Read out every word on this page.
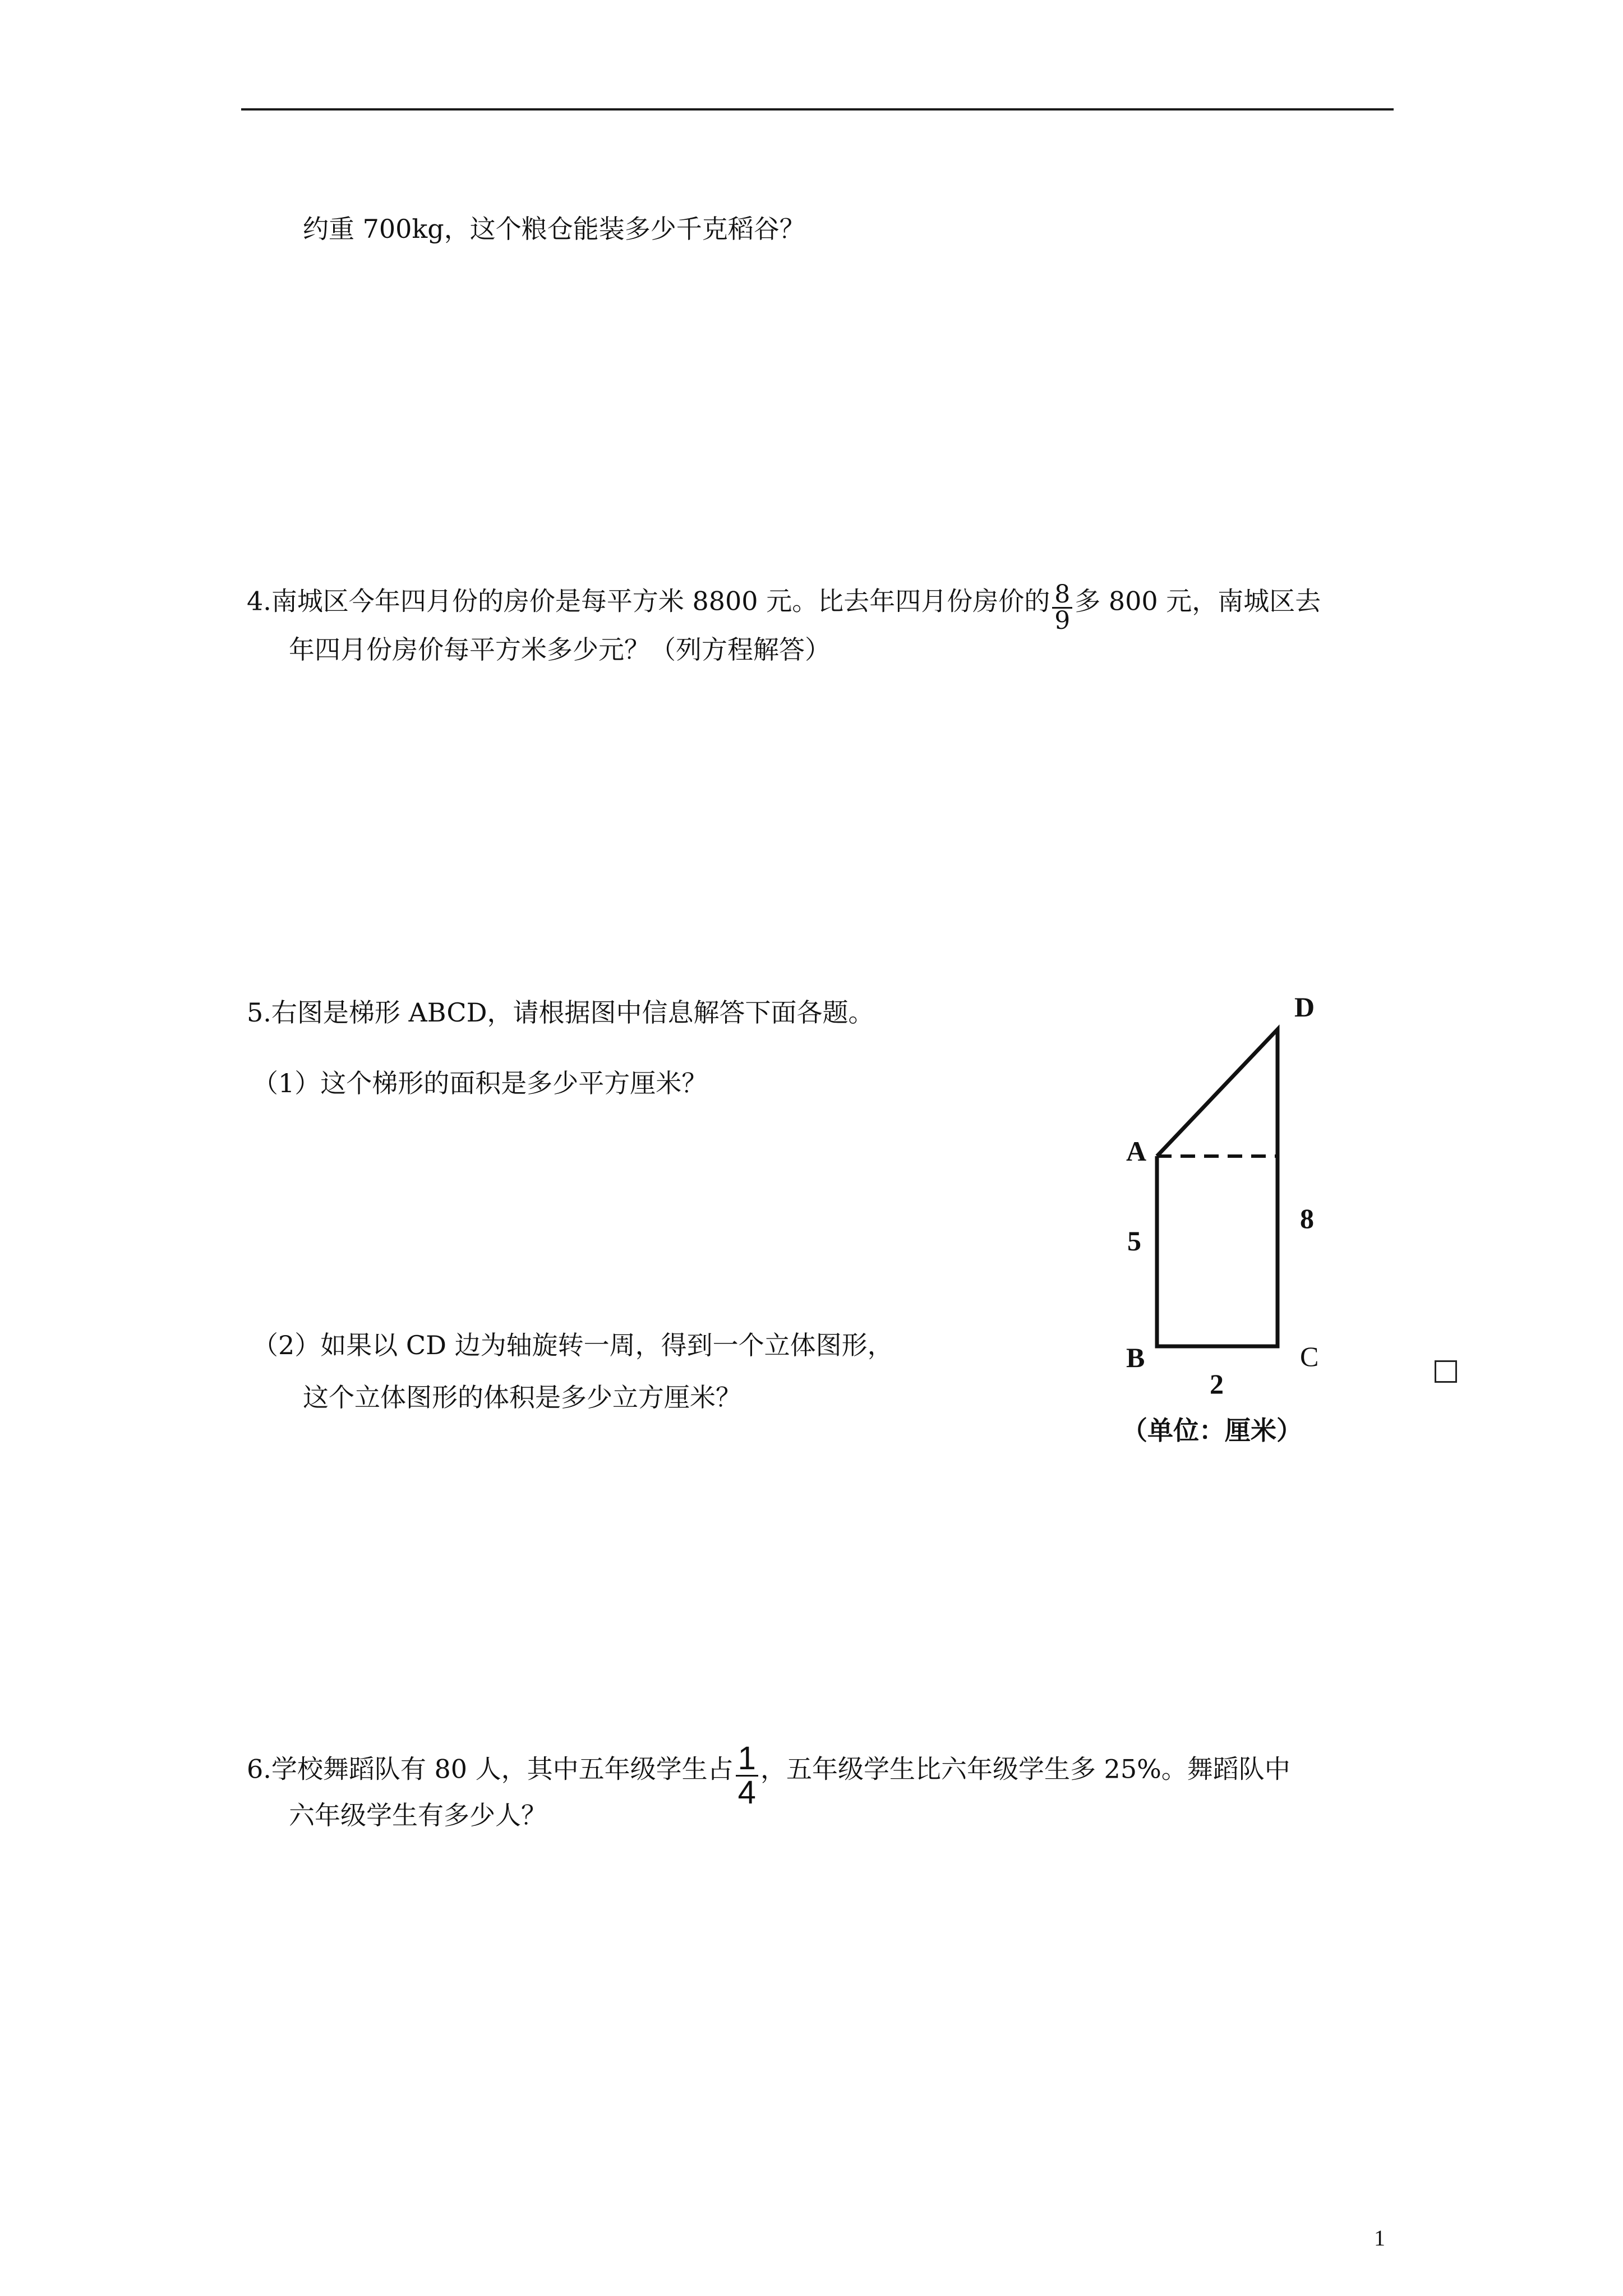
约重 700kg，这个粮仓能装多少千克稻谷？
4.南城区今年四月份的房价是每平方米 8800 元。比去年四月份房价的 $\frac{8}{9}$ 多 800 元，南城区去
年四月份房价每平方米多少元？（列方程解答）
5.右图是梯形 ABCD，请根据图中信息解答下面各题。
（1）这个梯形的面积是多少平方厘米？
（2）如果以 CD 边为轴旋转一周，得到一个立体图形，
这个立体图形的体积是多少立方厘米？
D
A
B	C
5
8
2
（单位：厘米）
6.学校舞蹈队有 80 人，其中五年级学生占 $\frac{1}{4}$ ，五年级学生比六年级学生多 25%。舞蹈队中
六年级学生有多少人？
1
